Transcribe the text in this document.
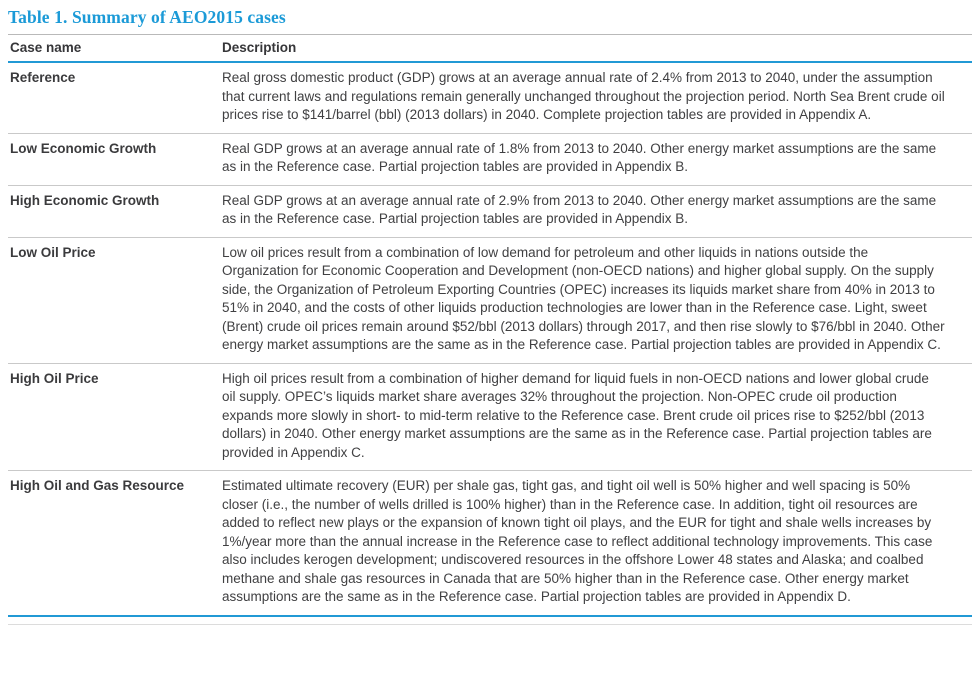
Table 1. Summary of AEO2015 cases
Case name	Description
Reference	Real gross domestic product (GDP) grows at an average annual rate of 2.4% from 2013 to 2040, under the assumption that current laws and regulations remain generally unchanged throughout the projection period. North Sea Brent crude oil prices rise to $141/barrel (bbl) (2013 dollars) in 2040. Complete projection tables are provided in Appendix A.
Low Economic Growth	Real GDP grows at an average annual rate of 1.8% from 2013 to 2040. Other energy market assumptions are the same as in the Reference case. Partial projection tables are provided in Appendix B.
High Economic Growth	Real GDP grows at an average annual rate of 2.9% from 2013 to 2040. Other energy market assumptions are the same as in the Reference case. Partial projection tables are provided in Appendix B.
Low Oil Price	Low oil prices result from a combination of low demand for petroleum and other liquids in nations outside the Organization for Economic Cooperation and Development (non-OECD nations) and higher global supply. On the supply side, the Organization of Petroleum Exporting Countries (OPEC) increases its liquids market share from 40% in 2013 to 51% in 2040, and the costs of other liquids production technologies are lower than in the Reference case. Light, sweet (Brent) crude oil prices remain around $52/bbl (2013 dollars) through 2017, and then rise slowly to $76/bbl in 2040. Other energy market assumptions are the same as in the Reference case. Partial projection tables are provided in Appendix C.
High Oil Price	High oil prices result from a combination of higher demand for liquid fuels in non-OECD nations and lower global crude oil supply. OPEC’s liquids market share averages 32% throughout the projection. Non-OPEC crude oil production expands more slowly in short- to mid-term relative to the Reference case. Brent crude oil prices rise to $252/bbl (2013 dollars) in 2040. Other energy market assumptions are the same as in the Reference case. Partial projection tables are provided in Appendix C.
High Oil and Gas Resource	Estimated ultimate recovery (EUR) per shale gas, tight gas, and tight oil well is 50% higher and well spacing is 50% closer (i.e., the number of wells drilled is 100% higher) than in the Reference case. In addition, tight oil resources are added to reflect new plays or the expansion of known tight oil plays, and the EUR for tight and shale wells increases by 1%/year more than the annual increase in the Reference case to reflect additional technology improvements. This case also includes kerogen development; undiscovered resources in the offshore Lower 48 states and Alaska; and coalbed methane and shale gas resources in Canada that are 50% higher than in the Reference case. Other energy market assumptions are the same as in the Reference case. Partial projection tables are provided in Appendix D.
